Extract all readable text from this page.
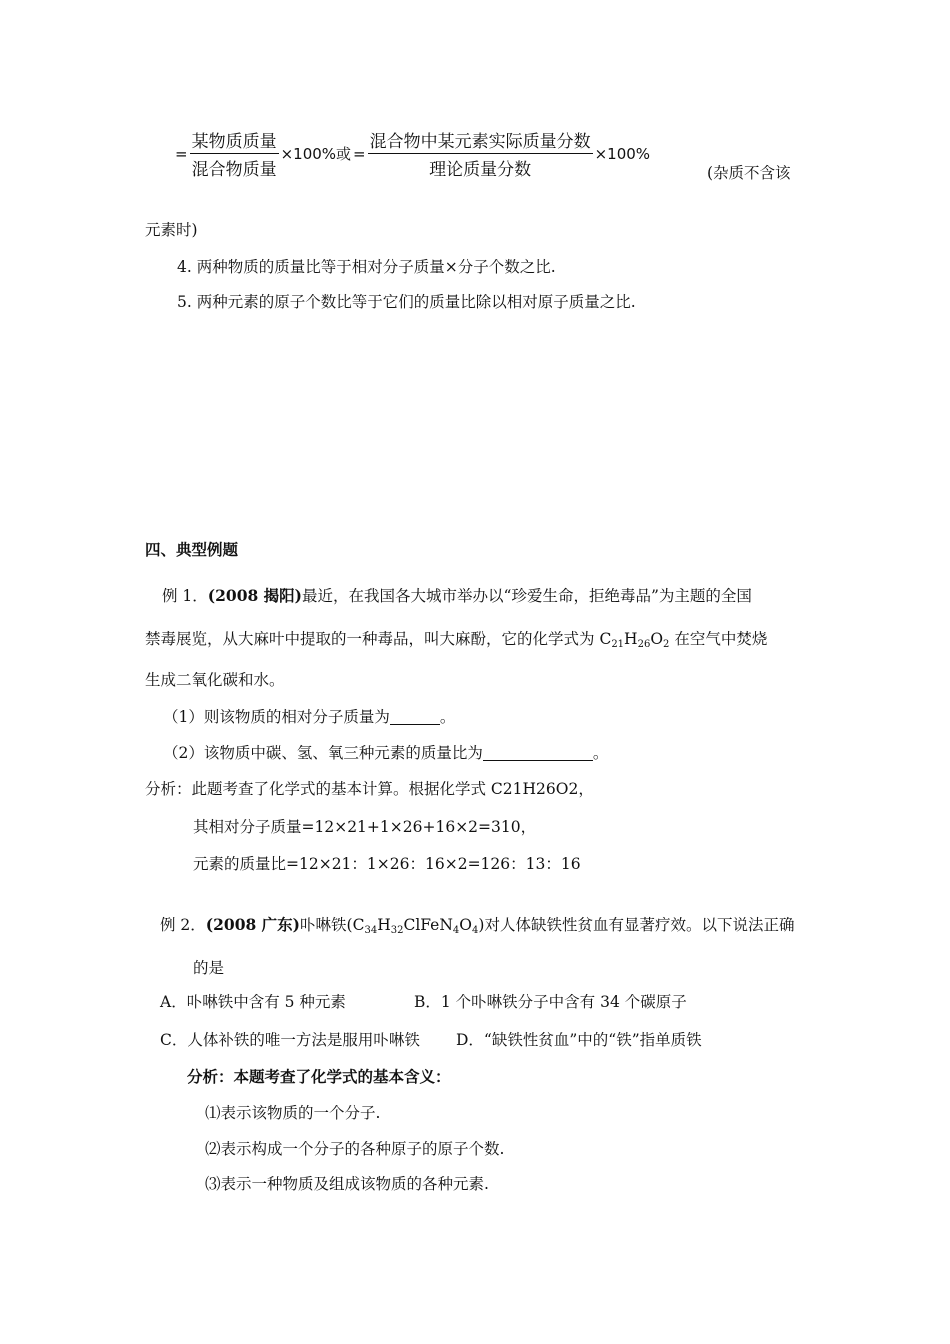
= $\frac{\text{某物质质量}}{\text{混合物质量}} \times 100\%$或 = $\frac{\text{混合物中某元素实际质量分数}}{\text{理论质量分数}} \times 100\%$
(杂质不含该
元素时)
4. 两种物质的质量比等于相对分子质量×分子个数之比.
5. 两种元素的原子个数比等于它们的质量比除以相对原子质量之比.
四、典型例题
例 1．(2008 揭阳)最近，在我国各大城市举办以“珍爱生命，拒绝毒品”为主题的全国
禁毒展览，从大麻叶中提取的一种毒品，叫大麻酚，它的化学式为 $C_{21}H_{26}O_2$ 在空气中焚烧
生成二氧化碳和水。
（1）则该物质的相对分子质量为	。
（2）该物质中碳、氢、氧三种元素的质量比为	。
分析：此题考查了化学式的基本计算。根据化学式 C21H26O2，
其相对分子质量=12×21+1×26+16×2=310，
元素的质量比=12×21：1×26：16×2=126：13：16
例 2．(2008 广东)卟啉铁$(C_{34}H_{32}ClFeN_4O_4)$对人体缺铁性贫血有显著疗效。以下说法正确
的是
A．卟啉铁中含有 5 种元素	B．1 个卟啉铁分子中含有 34 个碳原子
C．人体补铁的唯一方法是服用卟啉铁 D．“缺铁性贫血”中的“铁”指单质铁
分析：本题考查了化学式的基本含义：
⑴表示该物质的一个分子.
⑵表示构成一个分子的各种原子的原子个数.
⑶表示一种物质及组成该物质的各种元素.
